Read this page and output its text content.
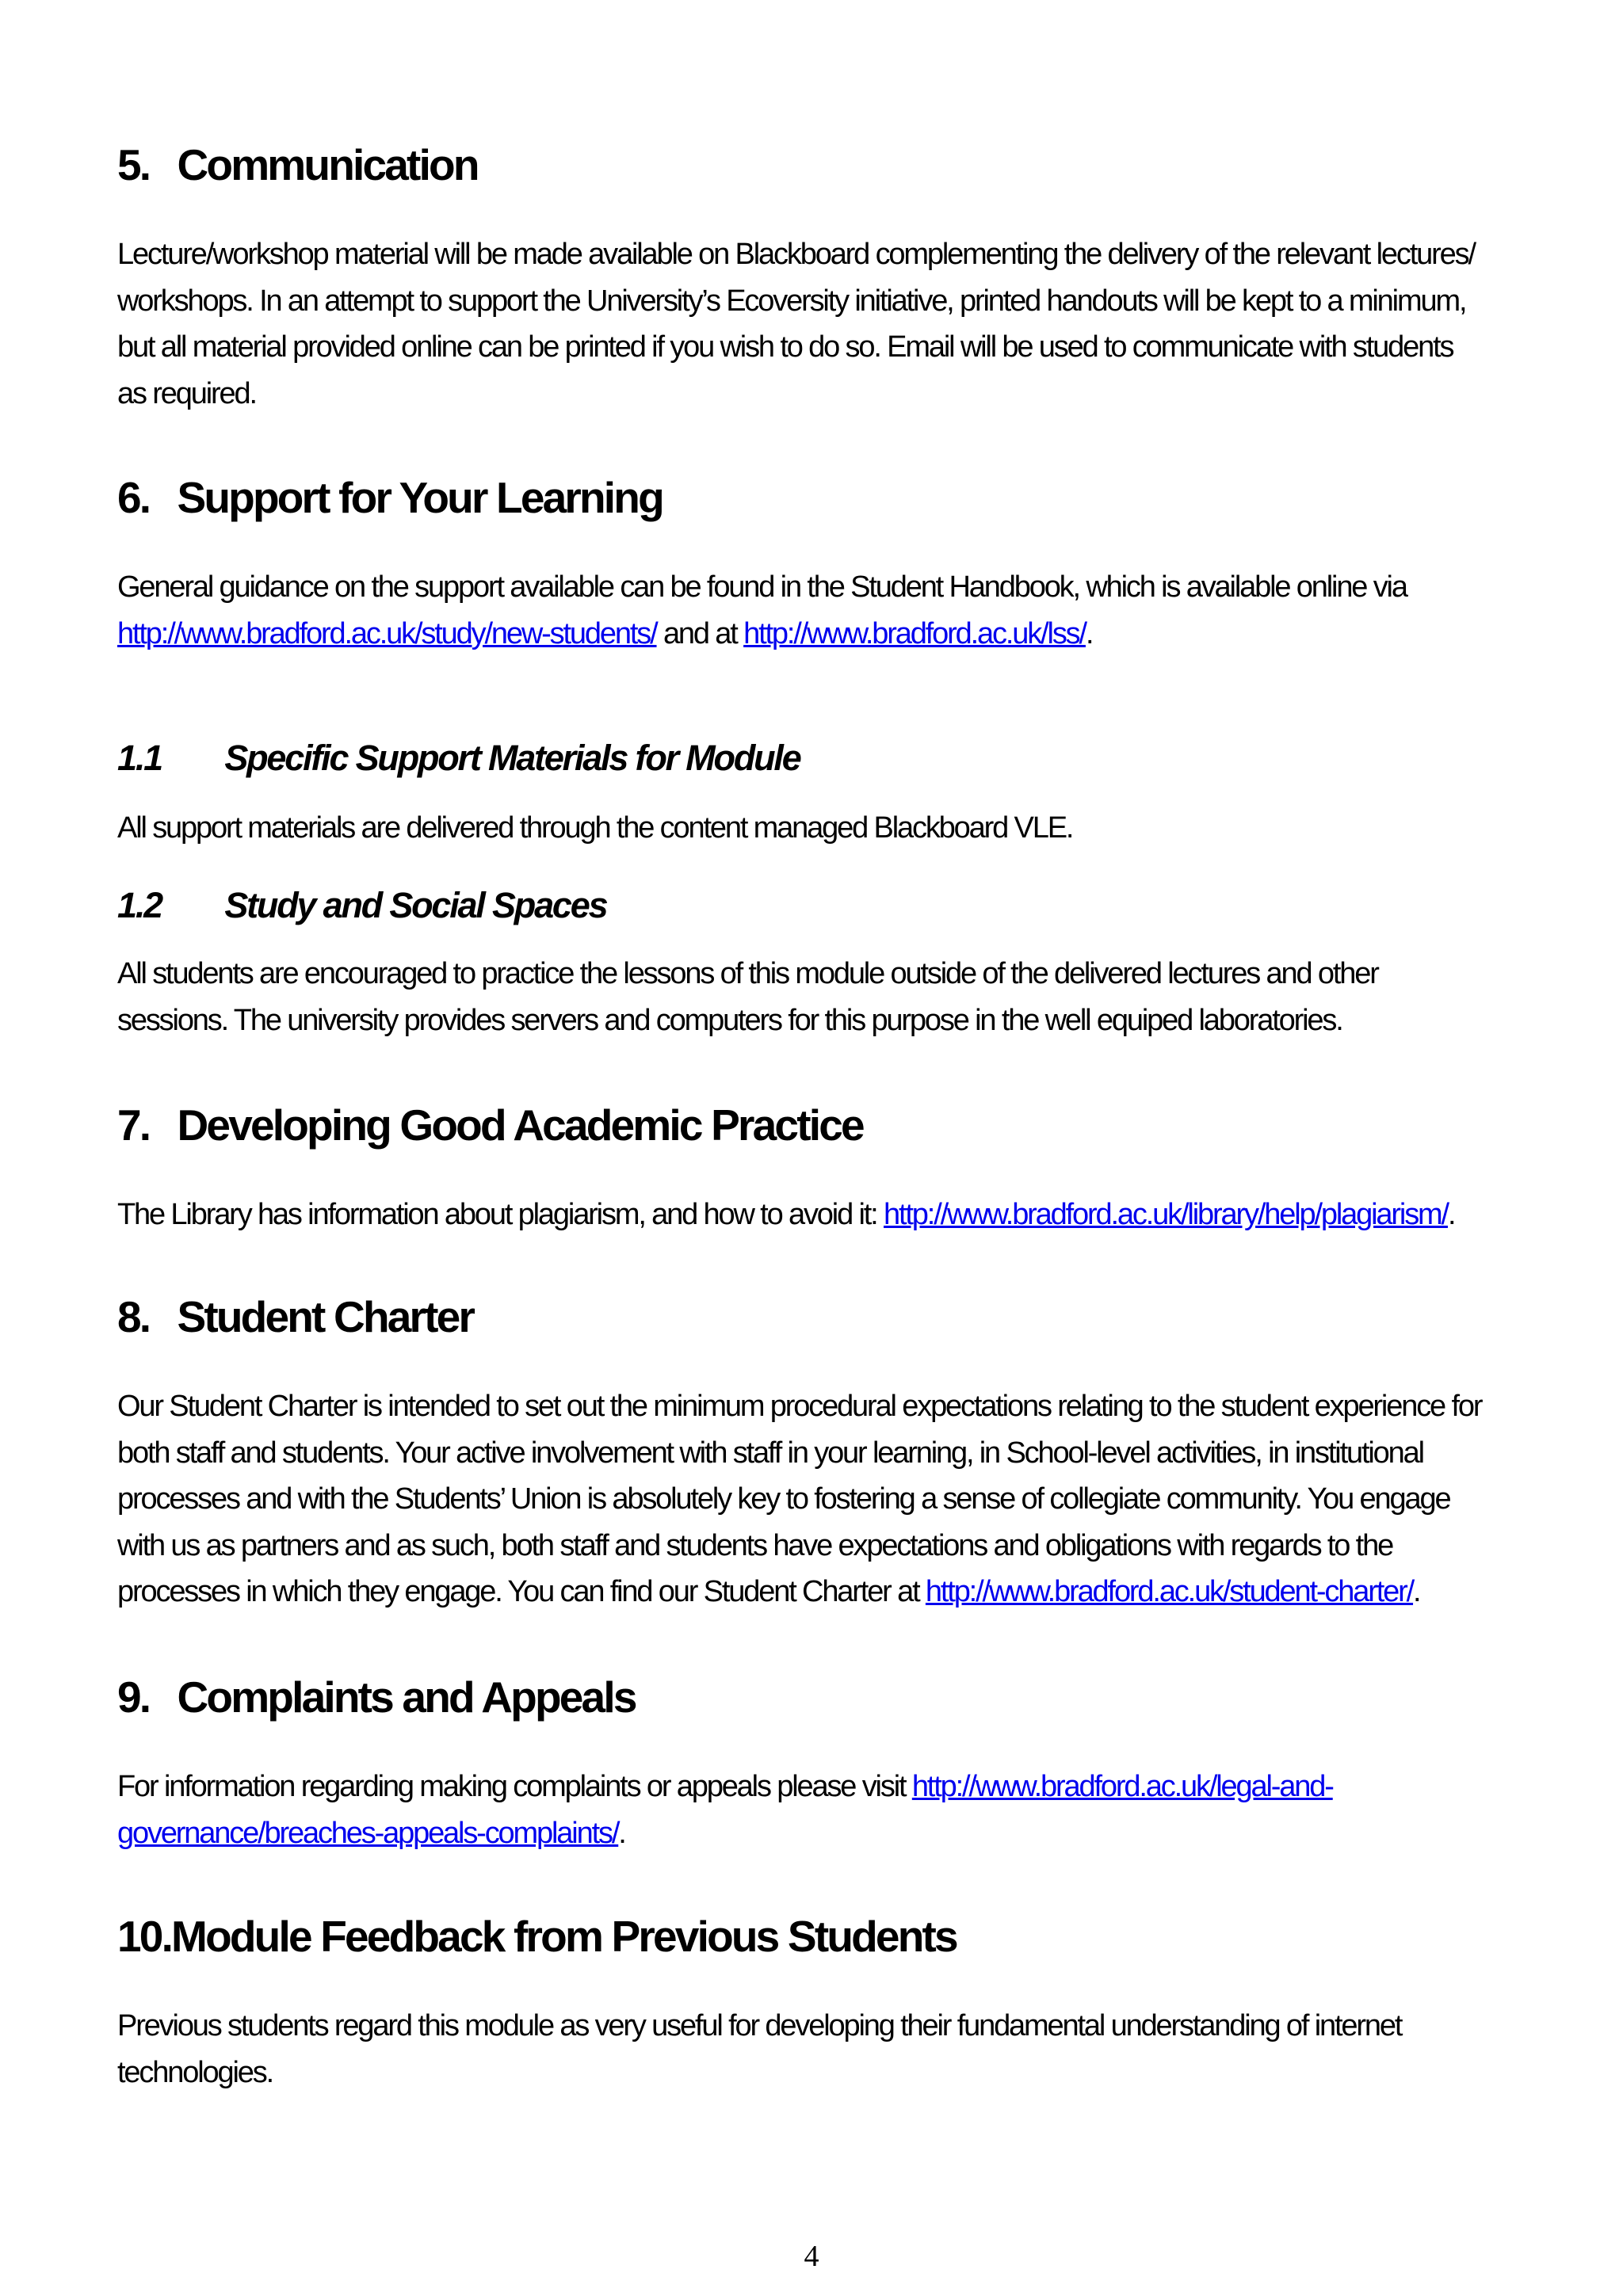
5. Communication

Lecture/workshop material will be made available on Blackboard complementing the delivery of the relevant lectures/
workshops. In an attempt to support the University’s Ecoversity initiative, printed handouts will be kept to a minimum,
but all material provided online can be printed if you wish to do so. Email will be used to communicate with students
as required.

6. Support for Your Learning

General guidance on the support available can be found in the Student Handbook, which is available online via
http://www.bradford.ac.uk/study/new-students/ and at http://www.bradford.ac.uk/lss/.

1.1 Specific Support Materials for Module

All support materials are delivered through the content managed Blackboard VLE.

1.2 Study and Social Spaces

All students are encouraged to practice the lessons of this module outside of the delivered lectures and other
sessions. The university provides servers and computers for this purpose in the well equiped laboratories.

7. Developing Good Academic Practice

The Library has information about plagiarism, and how to avoid it: http://www.bradford.ac.uk/library/help/plagiarism/.

8. Student Charter

Our Student Charter is intended to set out the minimum procedural expectations relating to the student experience for
both staff and students. Your active involvement with staff in your learning, in School-level activities, in institutional
processes and with the Students’ Union is absolutely key to fostering a sense of collegiate community. You engage
with us as partners and as such, both staff and students have expectations and obligations with regards to the
processes in which they engage. You can find our Student Charter at http://www.bradford.ac.uk/student-charter/.

9. Complaints and Appeals

For information regarding making complaints or appeals please visit http://www.bradford.ac.uk/legal-and-
governance/breaches-appeals-complaints/.

10.Module Feedback from Previous Students

Previous students regard this module as very useful for developing their fundamental understanding of internet
technologies.

4
